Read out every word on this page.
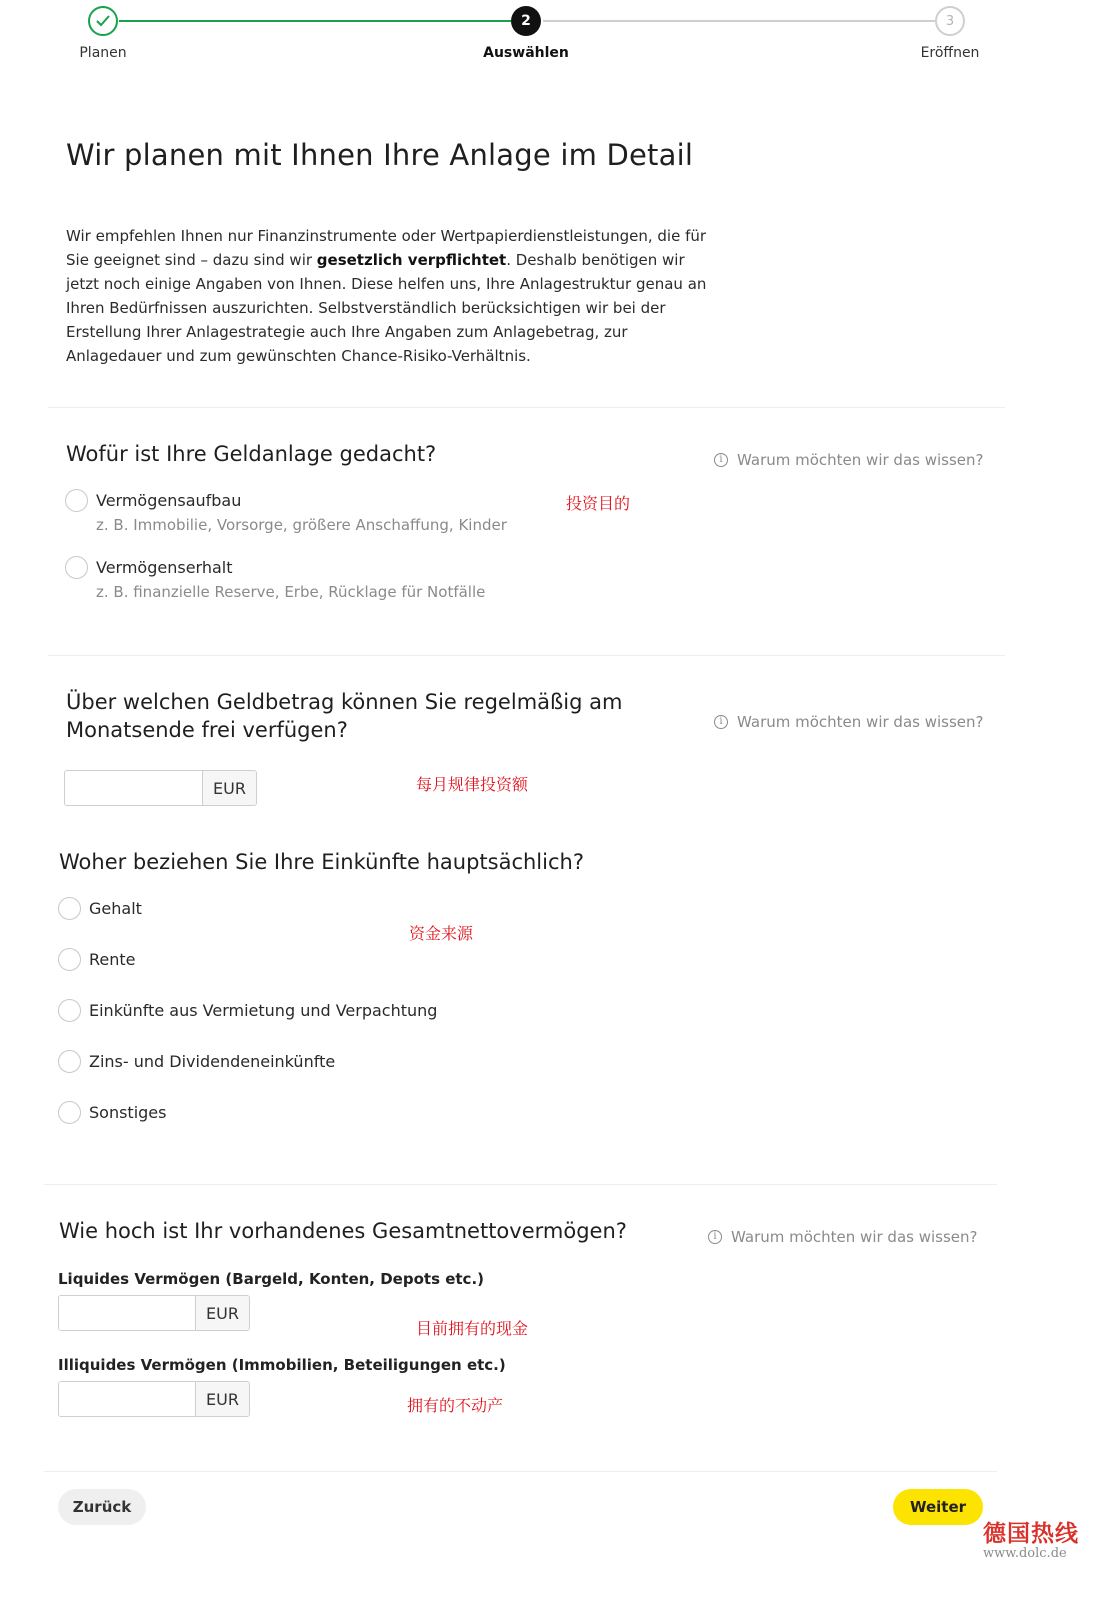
Planen
2
Auswählen
3
Eröffnen
Wir planen mit Ihnen Ihre Anlage im Detail

Wir empfehlen Ihnen nur Finanzinstrumente oder Wertpapierdienstleistungen, die für Sie geeignet sind – dazu sind wir gesetzlich verpflichtet. Deshalb benötigen wir jetzt noch einige Angaben von Ihnen. Diese helfen uns, Ihre Anlagestruktur genau an Ihren Bedürfnissen auszurichten. Selbstverständlich berücksichtigen wir bei der Erstellung Ihrer Anlagestrategie auch Ihre Angaben zum Anlagebetrag, zur Anlagedauer und zum gewünschten Chance-Risiko-Verhältnis.

Wofür ist Ihre Geldanlage gedacht?	i Warum möchten wir das wissen?
投资目的
Vermögensaufbau
z. B. Immobilie, Vorsorge, größere Anschaffung, Kinder
Vermögenserhalt
z. B. finanzielle Reserve, Erbe, Rücklage für Notfälle
Über welchen Geldbetrag können Sie regelmäßig am
Monatsende frei verfügen?	i Warum möchten wir das wissen?
EUR	每月规律投资额
Woher beziehen Sie Ihre Einkünfte hauptsächlich?
资金来源
Gehalt
Rente
Einkünfte aus Vermietung und Verpachtung
Zins- und Dividendeneinkünfte
Sonstiges
Wie hoch ist Ihr vorhandenes Gesamtnettovermögen?	i Warum möchten wir das wissen?
Liquides Vermögen (Bargeld, Konten, Depots etc.)
EUR
目前拥有的现金
Illiquides Vermögen (Immobilien, Beteiligungen etc.)
EUR	拥有的不动产
Zurück	Weiter
德国热线
www.dolc.de
